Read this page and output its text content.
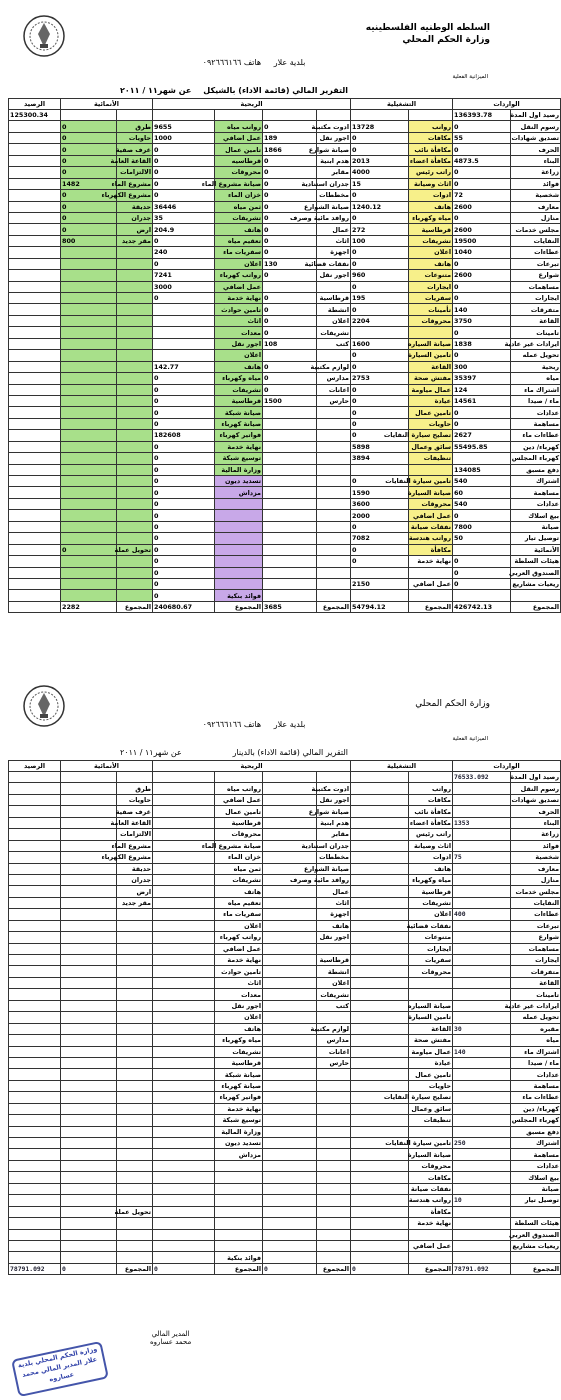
السلطه الوطنيه الفلسطينيه
وزارة الحكم المحلي
بلدية علار     هاتف ٠٩٢٦٦٦١٦٦
الميزانية الفعلية
التقرير المالي (قائمة الاداء) بالشيكل
عن شهر١١ / ٢٠١١
الواردات		التشغيلية		الربحية				الأنمائية		الرصيد
رصيد اول المدة	136393.78									125300.34
رسوم النقل	0	روانب	13728	ادوت مكتبية	0	روانب مياه	9655	طرق	0	
تصديق شهادات	55	مكافات	0	اجور نقل	189	عمل اضافي	1000	حاويات	0	
الحرف	0	مكافأة نائب	0	صيانة شوارع	1866	تامين عمال	0	غرف صفية	0	
البناء	4873.5	مكافأة اعضاء	2013	هدم ابنية	0	قرطاسيه	0	القاعة العامة	0	
زراعة	0	راتب رئيس	4000	مقابر	0	محروقات	0	الالتزامات	0	
فوائد	0	اثاث وصيانة	15	جدران استنادية	0	صيانة مشروع الماء	0	مشروع الماء	1482	
شخصية	72	ادوات	0	مخططات	0	خزان الماء	0	مشروع الكهرباء	0	
معارف	2600	هاتف	1240.12	صيانة الشوارع	0	ثمن مياه	36446	حديقة	0	
منازل	0	مياه وكهرباء	0	روافد مائية وصرف	0	تشريفات	35	جدران	0	
مجلس خدمات	2600	قرطاسية	272	عمال	0	هاتف	204.9	ارض	0	
النفايات	19500	تشريفات	100	اثاث	0	تعقيم مياه	0	مقر جديد	800	
عطاءات	1040	اعلان	0	اجهزة	0	سفريات ماء	240			
تبرعات	0	هاتف	0	نفقات قضائية	130	اعلان	0			
شوارع	2600	متنوعات	960	اجور نقل	0	رواتب كهرباء	7241			
مساهمات	0	ايجارات	0			عمل اضافي	3000			
ايجارات	0	سفريات	195	قرطاسية	0	نهاية خدمة	0			
متفرقات	140	تأمينات	0	انشطة	0	تامين حوادث				
القاعة	3750	محروقات	2204	اعلان	0	اثاث				
تامينات	0			تشريفات	0	معدات				
ايرادات غير عادية	1838	صيانة السياره	1600	كتب	108	اجور نقل				
تحويل عمله	0	تامين السيارة	0			اعلان				
ربحية	300	القاعة	0	لوازم مكتبية	0	هاتف	142.77			
مياه	35397	مفتش صحة	2753	مدارس	0	مياه وكهرباء	0			
اشتراك ماء	124	عمال مياومة	0	اعانات	0	تشريفات	0			
ماء / صيدا	14561	عيادة	0	حارس	1500	قرطاسية	0			
عدادات	0	تامين عمال	0			صيانة شبكة	0			
مساهمة	0	حاويات	0			صيانة كهرباء	0			
عطاءات ماء	2627	تصليح سيارة النفايات	0			فواتير كهرباء	182608			
كهرباء/ دين	55495.85	سائق وعمال	5898			نهاية خدمة	0			
كهرباء المجلس		تنظيفات	3894			توسيع شبكة	0			
دفع مسبق	134085					وزارة المالية	0			
اشتراك	540	تامين سيارة النفايات	0			تسديد ديون	0			
مساهمة	60	صيانة السيارة	1590			مزداش	0			
عدادات	540	محروقات	3600				0			
بيع اسلاك	0	عمل اضافي	2000				0			
صيانة	7800	نفقات صيانة	0				0			
توصيل تيار	50	رواتب هندسة	7082				0			
الأنمائية		مكافأة	0				0	تحويل عملة	0	
هيئات السلطة	0	نهاية خدمة	0				0			
الصندوق العربي	0						0			
ريعيات مشاريع	0	عمل اضافي	2150				0			
						فوائد بنكية	0			
المجموع	426742.13	المجموع	54794.12	المجموع	3685	المجموع	240680.67	المجموع	2282	
وزارة الحكم المحلي
بلدية علار     هاتف ٠٩٢٦٦٦١٦٦
الميزانية الفعلية
التقرير المالي (قائمة الاداء) بالدينار
عن شهر١١ / ٢٠١١
الواردات		التشغيلية		الربحية				الأنمائية		الرصيد
رصيد اول المدة	76533.092									
رسوم النقل		رواتب		ادوت مكتبية		رواتب مياه		طرق		
تصديق شهادات		مكافات		اجور نقل		عمل اضافي		حاويات		
الحرف		مكافأة نائب		صيانة شوارع		تامين عمال		غرف صفية		
البناء	1353	مكافأة اعضاء		هدم ابنية		قرطاسية		القاعة العامة		
زراعة		راتب رئيس		مقابر		محروقات		الالتزامات		
فوائد		اثاث وصيانة		جدران استنادية		صيانة مشروع الماء		مشروع الماء		
شخصية	75	ادوات		مخططات		خزان الماء		مشروع الكهرباء		
معارف		هاتف		صيانة الشوارع		ثمن مياه		حديقة		
منازل		مياه وكهرباء		روافد مائية وصرف		تشريفات		جدران		
مجلس خدمات		قرطاسية		عمال		هاتف		ارض		
النفايات		تشريفات		اثاث		تعقيم مياه		مقر جديد		
عطاءات	400	اعلان		اجهزة		سفريات ماء				
تبرعات		نفقات قضائية		هاتف		اعلان				
شوارع		متنوعات		اجور نقل		رواتب كهرباء				
مساهمات		ايجارات				عمل اضافي				
ايجارات		سفريات		قرطاسية		نهاية خدمة				
متفرقات		محروقات		انشطة		تامين حوادث				
القاعة				اعلان		اثاث				
تامينات				تشريفات		معدات				
ايرادات غير عادية		صيانة السياره		كتب		اجور نقل				
تحويل عمله		تامين السيارة				اعلان				
مقبره	30	القاعة		لوازم مكتبية		هاتف				
مياه		مفتش صحة		مدارس		مياه وكهرباء				
اشتراك ماء	140	عمال مياومة		اعانات		تشريفات				
ماء / صيدا		عيادة		حارس		قرطاسية				
عدادات		تامين عمال				صيانة شبكة				
مساهمة		حاويات				صيانة كهرباء				
عطاءات ماء		تصليح سيارة النفايات				فواتير كهرباء				
كهرباء/ دين		سائق وعمال				نهاية خدمة				
كهرباء المجلس		تنظيفات				توسيع شبكة				
دفع مسبق						وزارة المالية				
اشتراك	250	تامين سيارة النفايات				تسديد ديون				
مساهمة		صيانة السيارة				مزداش				
عدادات		محروقات								
بيع اسلاك		مكافات								
صيانة		نفقات صيانة								
توصيل تيار	10	رواتب هندسة								
		مكافأة						تحويل عملة		
هيئات السلطة		نهاية خدمة								
الصندوق العربي										
ريعيات مشاريع		عمل اضافي								
						فوائد بنكية				
المجموع	78791.092	المجموع	0	المجموع	0	المجموع	0	المجموع	0	78791.092
المدير المالي
محمد عساروه
وزارة الحكم المحلي بلدية علار المدير المالي محمد عساروه
